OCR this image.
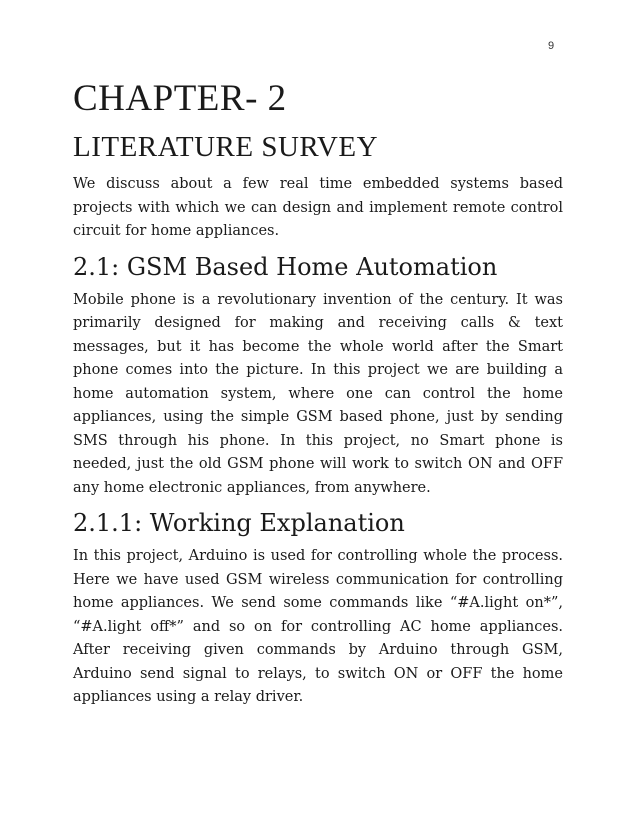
9
CHAPTER- 2
LITERATURE SURVEY

We discuss about a few real time embedded systems based projects with which we can design and implement remote control circuit for home appliances.

2.1: GSM Based Home Automation

Mobile phone is a revolutionary invention of the century. It was primarily designed for making and receiving calls & text messages, but it has become the whole world after the Smart phone comes into the picture. In this project we are building a home automation system, where one can control the home appliances, using the simple GSM based phone, just by sending SMS through his phone. In this project, no Smart phone is needed, just the old GSM phone will work to switch ON and OFF any home electronic appliances, from anywhere.

2.1.1: Working Explanation

In this project, Arduino is used for controlling whole the process. Here we have used GSM wireless communication for controlling home appliances. We send some commands like “#A.light on*”, “#A.light off*” and so on for controlling AC home appliances. After receiving given commands by Arduino through GSM, Arduino send signal to relays, to switch ON or OFF the home appliances using a relay driver.
